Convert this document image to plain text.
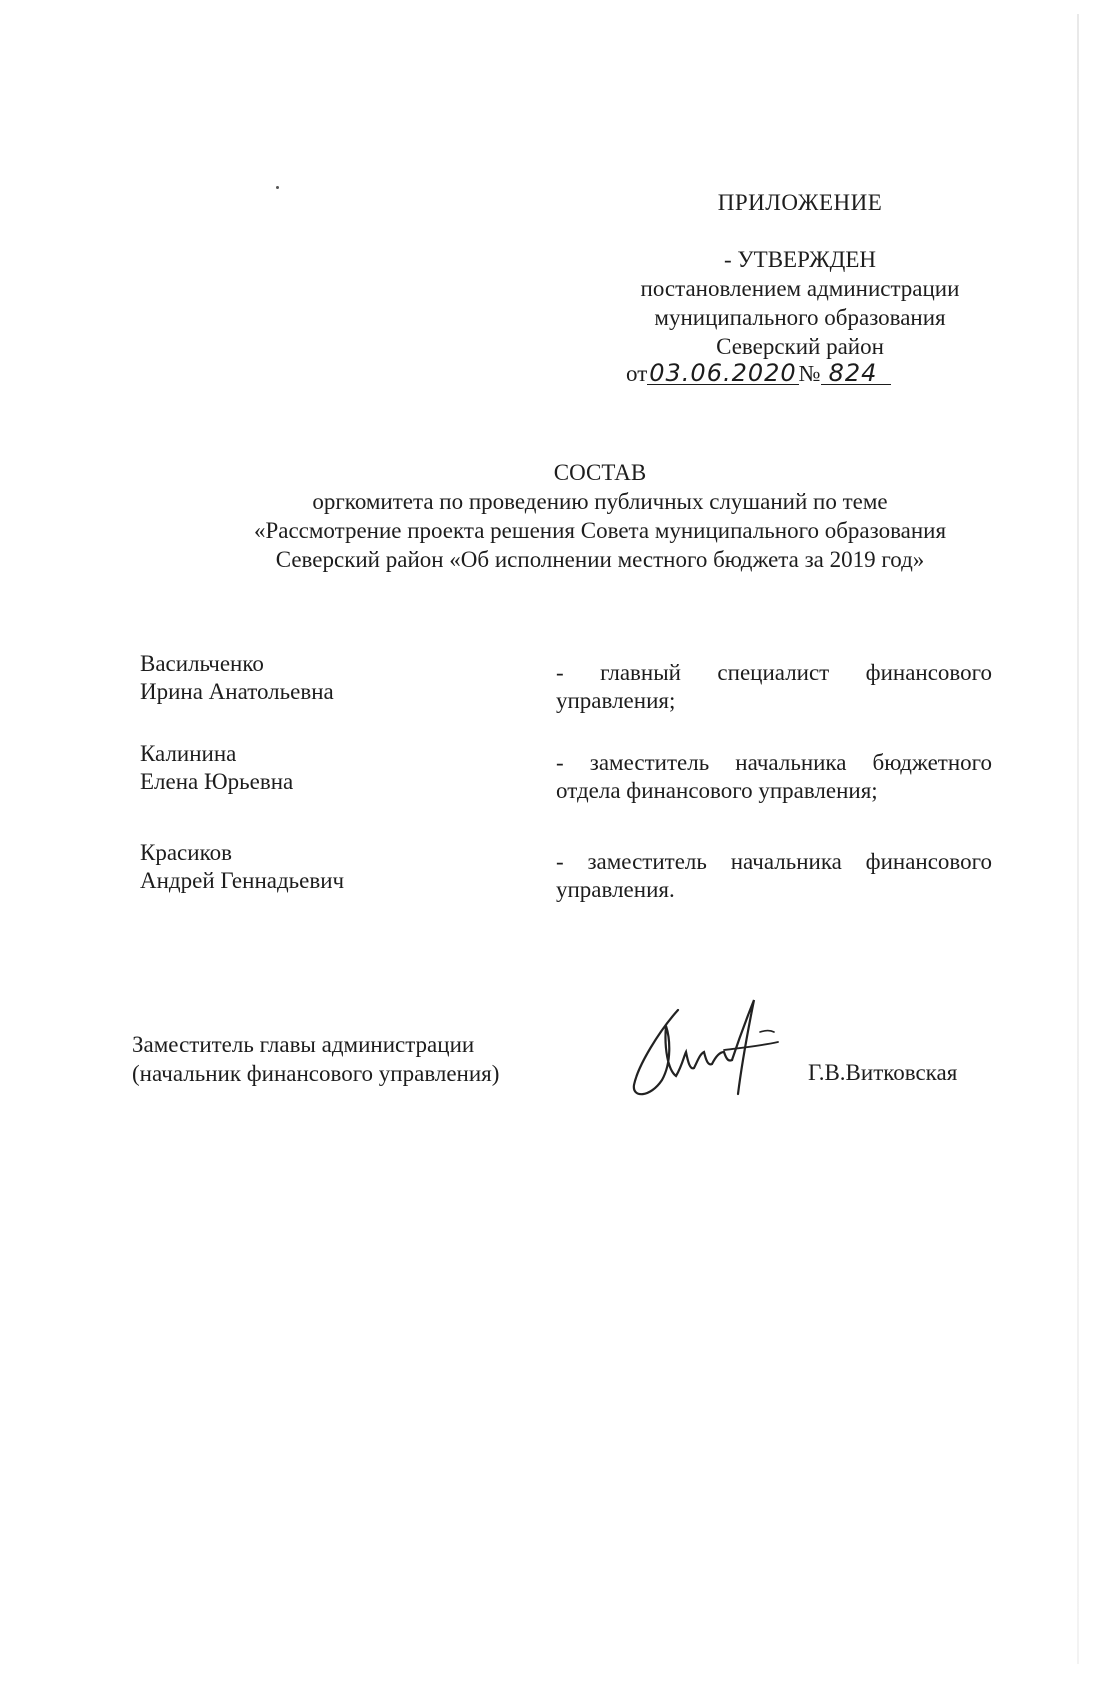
ПРИЛОЖЕНИЕ
- УТВЕРЖДЕН
постановлением администрации
муниципального образования
Северский район
от03.06.2020№ 824
СОСТАВ
оргкомитета по проведению публичных слушаний по теме
«Рассмотрение проекта решения Совета муниципального образования
Северский район «Об исполнении местного бюджета за 2019 год»
Васильченко
Ирина Анатольевна
- главный специалист финансового управления;
Калинина
Елена Юрьевна
- заместитель начальника бюджетного отдела финансового управления;
Красиков
Андрей Геннадьевич
- заместитель начальника финансового управления.
Заместитель главы администрации
(начальник финансового управления)	Г.В.Витковская
